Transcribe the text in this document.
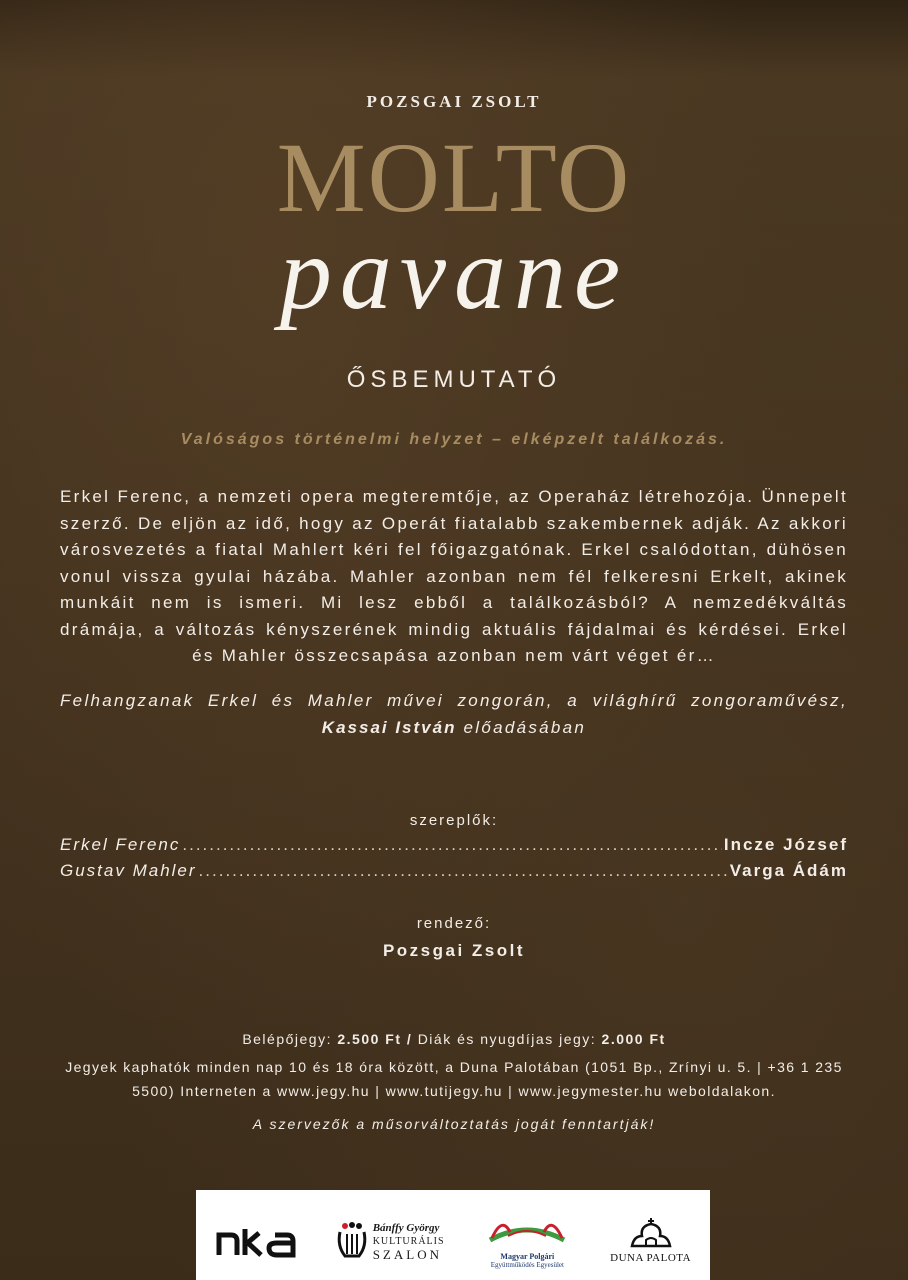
POZSGAI ZSOLT
MOLTO
pavane
ŐSBEMUTATÓ
Valóságos történelmi helyzet – elképzelt találkozás.
Erkel Ferenc, a nemzeti opera megteremtője, az Operaház létrehozója. Ünnepelt szerző. De eljön az idő, hogy az Operát fiatalabb szakembernek adják. Az akkori városvezetés a fiatal Mahlert kéri fel főigazgatónak. Erkel csalódottan, dühösen vonul vissza gyulai házába. Mahler azonban nem fél felkeresni Erkelt, akinek munkáit nem is ismeri. Mi lesz ebből a találkozásból? A nemzedékváltás drámája, a változás kényszerének mindig aktuális fájdalmai és kérdései. Erkel és Mahler összecsapása azonban nem várt véget ér…
Felhangzanak Erkel és Mahler művei zongorán, a világhírű zongoraművész, Kassai István előadásában
szereplők:
Erkel Ferenc .....	Incze József
Gustav Mahler .....	Varga Ádám
rendező:
Pozsgai Zsolt
Belépőjegy: 2.500 Ft / Diák és nyugdíjas jegy: 2.000 Ft
Jegyek kaphatók minden nap 10 és 18 óra között, a Duna Palotában (1051 Bp., Zrínyi u. 5. | +36 1 235 5500) Interneten a www.jegy.hu | www.tutijegy.hu | www.jegymester.hu weboldalakon.
A szervezők a műsorváltoztatás jogát fenntartják!
Bánffy György
KULTURÁLIS
SZALON	Magyar Polgári
Együttműködés Egyesület
DUNA PALOTA
